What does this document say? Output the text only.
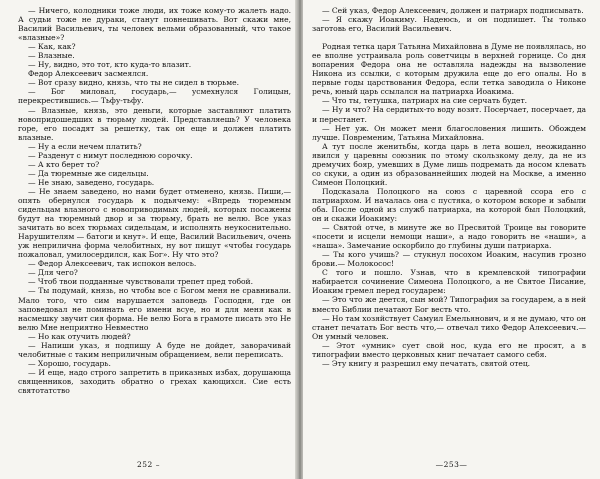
— Ничего, колодники тоже люди, их тоже кому-то жалеть надо. А судьи тоже не дураки, станут повнешивать. Вот скажи мне, Василий Васильевич, ты человек вельми образованный, что такое «влазные»?

— Как, как?

— Влазные.

— Ну, видно, это тот, кто куда-то влазит.

Федор Алексеевич засмеялся.

— Вот сразу видно, князь, что ты не сидел в тюрьме.

— Бог миловал, государь,— усмехнулся Голицын, перекрестившись.— Тьфу-тьфу.

— Влазные, князь, это деньги, которые заставляют платить новопридошедших в тюрьму людей. Представляешь? У человека горе, его посадят за решетку, так он еще и должен платить влазные.

— Ну а если нечем платить?

— Разденут с нимут последнюю сорочку.

— А кто берет то?

— Да тюремные же сидельцы.

— Не знаю, заведено, государь.

— Не знаем заведено, но нами будет отменено, князь. Пиши,— опять обернулся государь к подьячему: «Впредь тюремным сидельцам влазного с новоприводимых людей, которых посажены будут на тюремный двор и за тюрьму, брать не велю. Все указ зачитать во всех тюрьмах сидельцам, и исполнять неукоснительно. Нарушителям — батоги и кнут». И еще, Василий Васильевич, очень уж неприлична форма челобитных, ну вот пишут «чтобы государь пожаловал, умилосердился, как Бог». Ну что это?

— Федор Алексеевич, так испокон велось.

— Для чего?

— Чтоб твои подданные чувствовали трепет пред тобой.

— Ты подумай, князь, но чтобы все с Богом меня не сравнивали. Мало того, что сим нарушается заповедь Господня, где он заповедовал не поминать его имени всуе, но и для меня как в насмешку звучит сия форма. Не велю Бога в грамоте писать это Не велю Мне неприятно Невместно

— Но как отучить людей?

— Напиши указ, я подпишу А буде не дойдет, заворачивай челобитные с таким неприличным обращением, вели переписать.

— Хорошо, государь.

— И еще, надо строго запретить в приказных избах, дорушающа священников, заходить обратно о грехах кающихся. Сие есть святотатство

252 –

— Сей указ, Федор Алексеевич, должен и патриарх подписывать.

— Я скажу Иоакиму. Надеюсь, и он подпишет. Ты только заготовь его, Василий Васильевич.

Родная тетка царя Татьяна Михайловна в Думе не появлялась, но ее вполне устраивала роль советчицы в верхней горнице. Со дня вопарения Федора она не оставляла надежды на вызволение Никона из ссылки, с которым дружила еще до его опалы. Но в первые годы царствования Федора, если тетка заводила о Никоне речь, юный царь ссылался на патриарха Иоакима.

— Что ты, тетушка, патриарх на сие серчать будет.

— Ну и что? На сердитых-то воду возят. Посерчает, посерчает, да и перестанет.

— Нет уж. Он может меня благословения лишить. Обождем лучше. Повременим, Татьяна Михайловна.

А тут после женитьбы, когда царь в лета вошел, неожиданно явился у царевны союзник по этому скользкому делу, да не из дремучих бояр, умевших в Думе лишь подремать да носом клевать со скуки, а один из образованнейших людей на Москве, а именно Симеон Полоцкий.

Подсказала Полоцкого на союз с царевной ссора его с патриархом. И началась она с пустяка, о котором вскоре и забыли оба. После одной из служб патриарха, на которой был Полоцкий, он и скажи Иоакиму:

— Святой отче, в минуте же во Пресвятой Троице вы говорите «посети и исцели немощи наши», а надо говорить не «наши», а «наша». Замечание оскорбило до глубины души патриарха.

— Ты кого учишь? — стукнул посохом Иоаким, насупив грозно брови.— Молокосос!

С того и пошло. Узнав, что в кремлевской типографии набирается сочинение Симеона Полоцкого, а не Святое Писание, Иоаким гремел перед государем:

— Это что же деется, сын мой? Типография за государем, а в ней вместо Библии печатают Бог весть что.

— Но там хозяйствует Самуил Емельянович, и я не думаю, что он станет печатать Бог весть что,— отвечал тихо Федор Алексеевич.— Он умный человек.

— Этот «умник» сует свой нос, куда его не просят, а в типографии вместо церковных книг печатает самого себя.

— Эту книгу я разрешил ему печатать, святой отец.

—253—
